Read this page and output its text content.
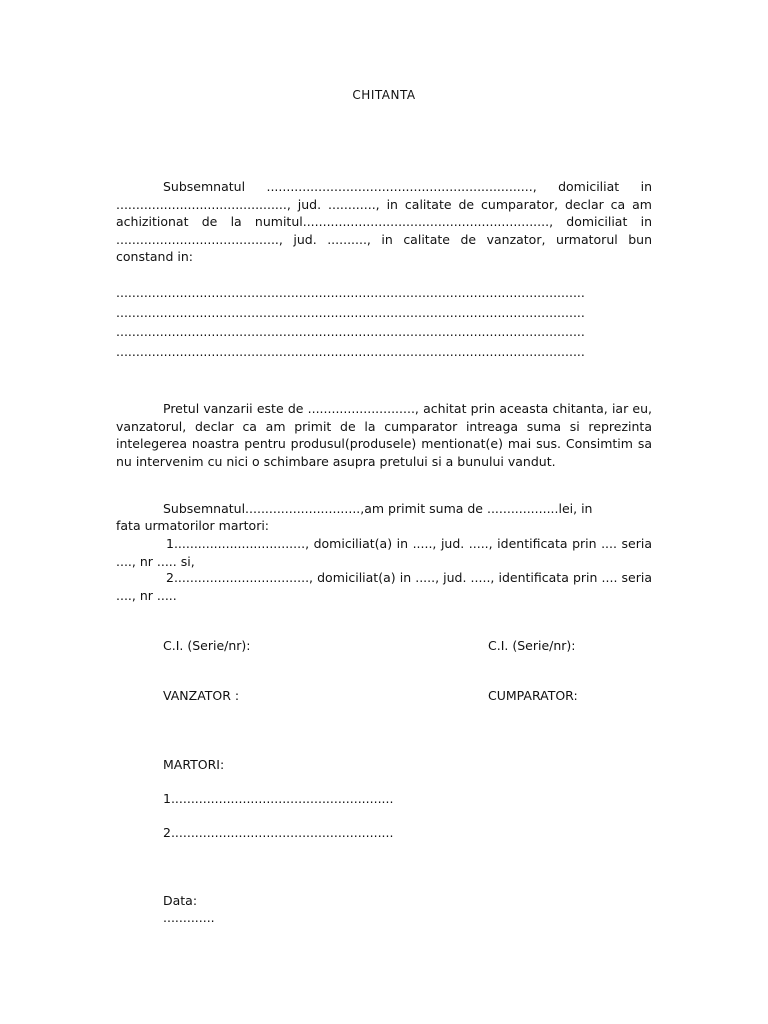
CHITANTA

Subsemnatul ..................................................................., domiciliat in ..........................................., jud. ............, in calitate de cumparator, declar ca am achizitionat de la numitul.............................................................., domiciliat in ........................................., jud. .........., in calitate de vanzator, urmatorul bun constand in:

......................................................................................................................
......................................................................................................................
......................................................................................................................
......................................................................................................................

Pretul vanzarii este de ..........................., achitat prin aceasta chitanta, iar eu, vanzatorul, declar ca am primit de la cumparator intreaga suma si reprezinta intelegerea noastra pentru produsul(produsele) mentionat(e) mai sus. Consimtim sa nu intervenim cu nici o schimbare asupra pretului si a bunului vandut.

Subsemnatul.............................,am primit suma de ..................lei, in
fata urmatorilor martori:
1................................., domiciliat(a) in ....., jud. ....., identificata prin .... seria ...., nr ..... si,
2.................................., domiciliat(a) in ....., jud. ....., identificata prin .... seria ...., nr .....
C.I. (Serie/nr):	C.I. (Serie/nr):
VANZATOR :	CUMPARATOR:
MARTORI:
1........................................................
2........................................................
Data:
.............
